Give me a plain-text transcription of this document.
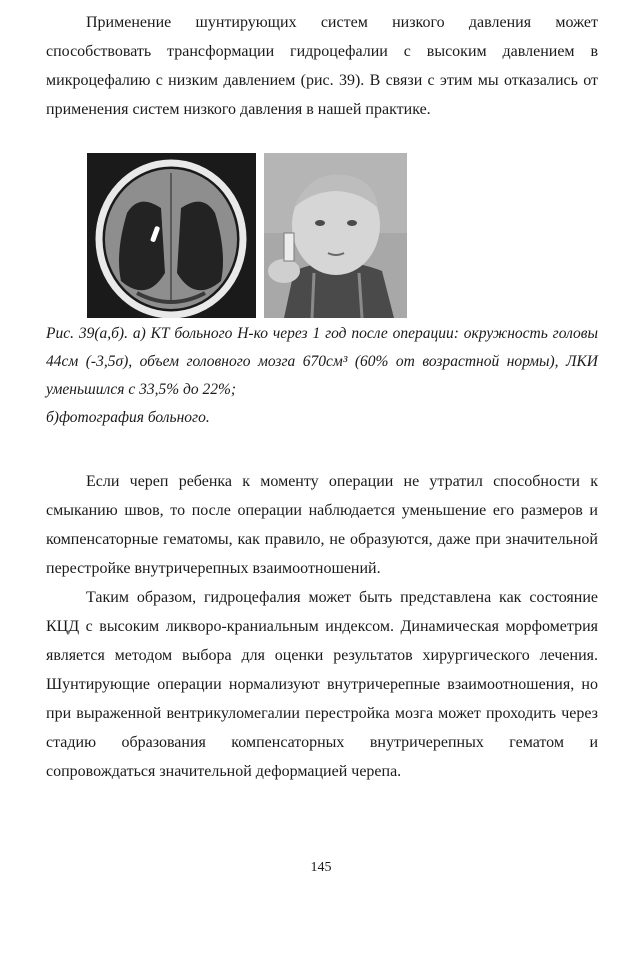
Применение шунтирующих систем низкого давления может способствовать трансформации гидроцефалии с высоким давлением в микроцефалию с низким давлением (рис. 39). В связи с этим мы отказались от применения систем низкого давления в нашей практике.

Рис. 39(а,б). а) КТ больного Н-ко через 1 год после операции: окружность головы 44см (-3,5σ), объем головного мозга 670см³ (60% от возрастной нормы), ЛКИ уменьшился с 33,5% до 22%;
б)фотография больного.

Если череп ребенка к моменту операции не утратил способности к смыканию швов, то после операции наблюдается уменьшение его размеров и компенсаторные гематомы, как правило, не образуются, даже при значительной перестройке внутричерепных взаимоотношений.

Таким образом, гидроцефалия может быть представлена как состояние КЦД с высоким ликворо-краниальным индексом. Динамическая морфометрия является методом выбора для оценки результатов хирургического лечения. Шунтирующие операции нормализуют внутричерепные взаимоотношения, но при выраженной вентрикуломегалии перестройка мозга может проходить через стадию образования компенсаторных внутричерепных гематом и сопровождаться значительной деформацией черепа.

145
